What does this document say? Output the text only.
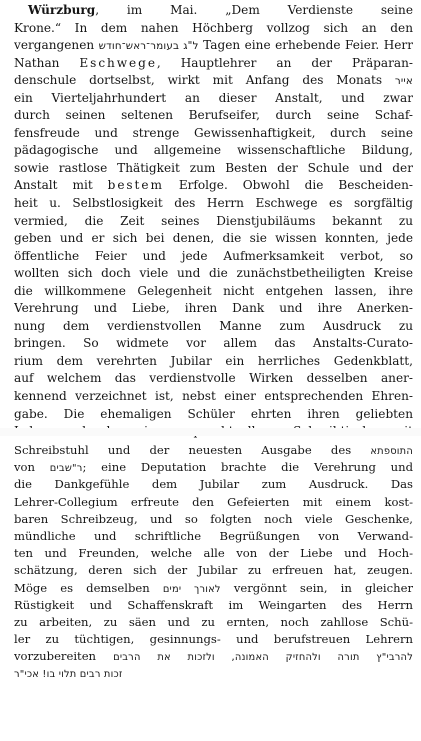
Würzburg, im Mai. „Dem Verdienste seine
Krone.“ In dem nahen Höchberg vollzog sich an den
vergangenen ל"ג בעומר־ראש־חודש Tagen eine erhebende Feier. Herr
Nathan Eschwege, Hauptlehrer an der Präparan-
denschule dortselbst, wirkt mit Anfang des Monats אייר
ein Vierteljahrhundert an dieser Anstalt, und zwar
durch seinen seltenen Berufseifer, durch seine Schaf-
fensfreude und strenge Gewissenhaftigkeit, durch seine
pädagogische und allgemeine wissenschaftliche Bildung,
sowie rastlose Thätigkeit zum Besten der Schule und der
Anstalt mit bestem Erfolge. Obwohl die Bescheiden-
heit u. Selbstlosigkeit des Herrn Eschwege es sorgfältig
vermied, die Zeit seines Dienstjubiläums bekannt zu
geben und er sich bei denen, die sie wissen konnten, jede
öffentliche Feier und jede Aufmerksamkeit verbot, so
wollten sich doch viele und die zunächstbetheiligten Kreise
die willkommene Gelegenheit nicht entgehen lassen, ihre
Verehrung und Liebe, ihren Dank und ihre Anerken-
nung dem verdienstvollen Manne zum Ausdruck zu
bringen. So widmete vor allem das Anstalts-Curato-
rium dem verehrten Jubilar ein herrliches Gedenkblatt,
auf welchem das verdienstvolle Wirken desselben aner-
kennend verzeichnet ist, nebst einer entsprechenden Ehren-
gabe. Die ehemaligen Schüler ehrten ihren geliebten
Schreibstuhl und der neuesten Ausgabe des התוספתא
von ר"שבים; eine Deputation brachte die Verehrung und
die Dankgefühle dem Jubilar zum Ausdruck. Das
Lehrer-Collegium erfreute den Gefeierten mit einem kost-
baren Schreibzeug, und so folgten noch viele Geschenke,
mündliche und schriftliche Begrüßungen von Verwand-
ten und Freunden, welche alle von der Liebe und Hoch-
schätzung, deren sich der Jubilar zu erfreuen hat, zeugen.
Möge es demselben לאורך ימים vergönnt sein, in gleicher
Rüstigkeit und Schaffenskraft im Weingarten des Herrn
zu arbeiten, zu säen und zu ernten, noch zahllose Schü-
ler zu tüchtigen, gesinnungs- und berufstreuen Lehrern
vorzubereiten להרבי"ץ תורה ולהחזיק האמונה, ולזכות את הרבים
זכות רבים תלוי בו! אכי"ר
